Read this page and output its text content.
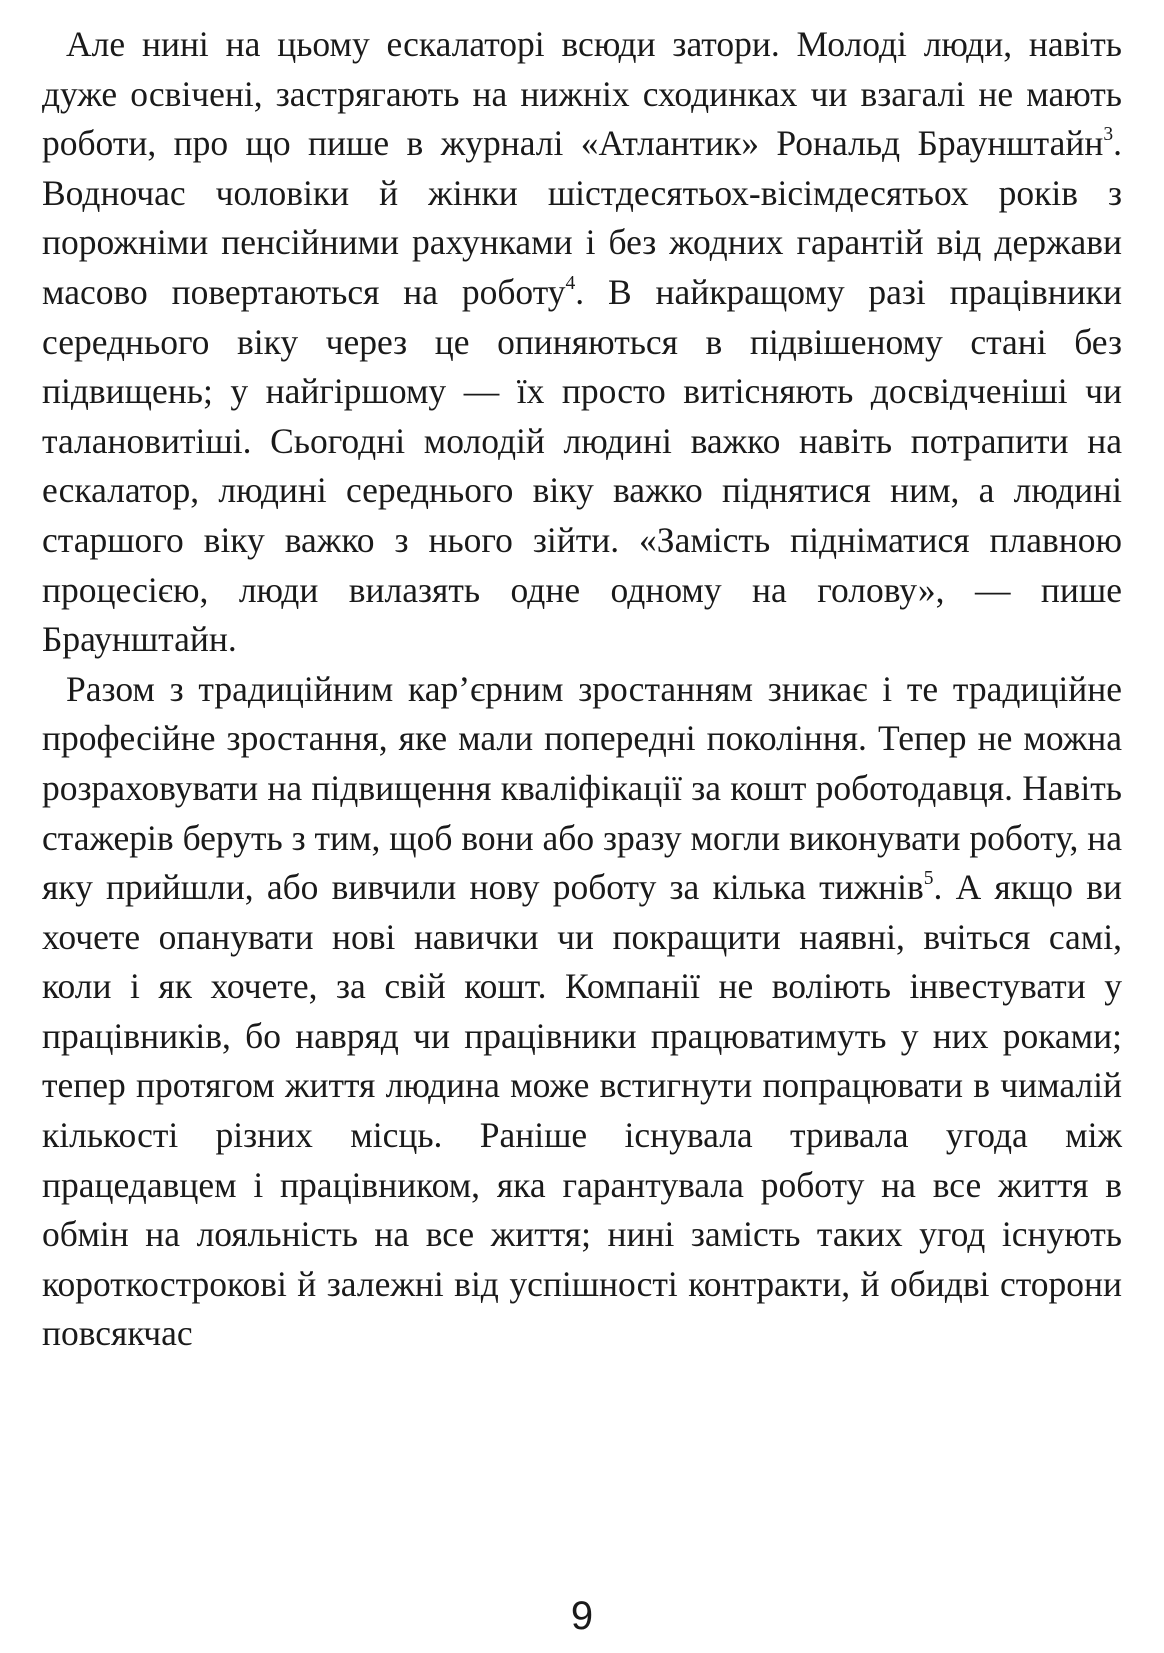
Але нині на цьому ескалаторі всюди затори. Молоді люди, навіть дуже освічені, застрягають на нижніх сходинках чи взагалі не мають роботи, про що пише в журналі «Атлантик» Рональд Браунштайн$^3$. Водночас чоловіки й жінки шістдесятьох-вісімдесятьох років з порожніми пенсійними рахунками і без жодних гарантій від держави масово повертаються на роботу$^4$. В найкращому разі працівники середнього віку через це опиняються в підвішеному стані без підвищень; у найгіршому — їх просто витісняють досвідченіші чи талановитіші. Сьогодні молодій людині важко навіть потрапити на ескалатор, людині середнього віку важко піднятися ним, а людині старшого віку важко з нього зійти. «Замість підніматися плавною процесією, люди вилазять одне одному на голову», — пише Браунштайн.

Разом з традиційним кар’єрним зростанням зникає і те традиційне професійне зростання, яке мали попередні покоління. Тепер не можна розраховувати на підвищення кваліфікації за кошт роботодавця. Навіть стажерів беруть з тим, щоб вони або зразу могли виконувати роботу, на яку прийшли, або вивчили нову роботу за кілька тижнів$^5$. А якщо ви хочете опанувати нові навички чи покращити наявні, вчіться самі, коли і як хочете, за свій кошт. Компанії не воліють інвестувати у працівників, бо навряд чи працівники працюватимуть у них роками; тепер протягом життя людина може встигнути попрацювати в чималій кількості різних місць. Раніше існувала тривала угода між працедавцем і працівником, яка гарантувала роботу на все життя в обмін на лояльність на все життя; нині замість таких угод існують короткострокові й залежні від успішності контракти, й обидві сторони повсякчас

9
